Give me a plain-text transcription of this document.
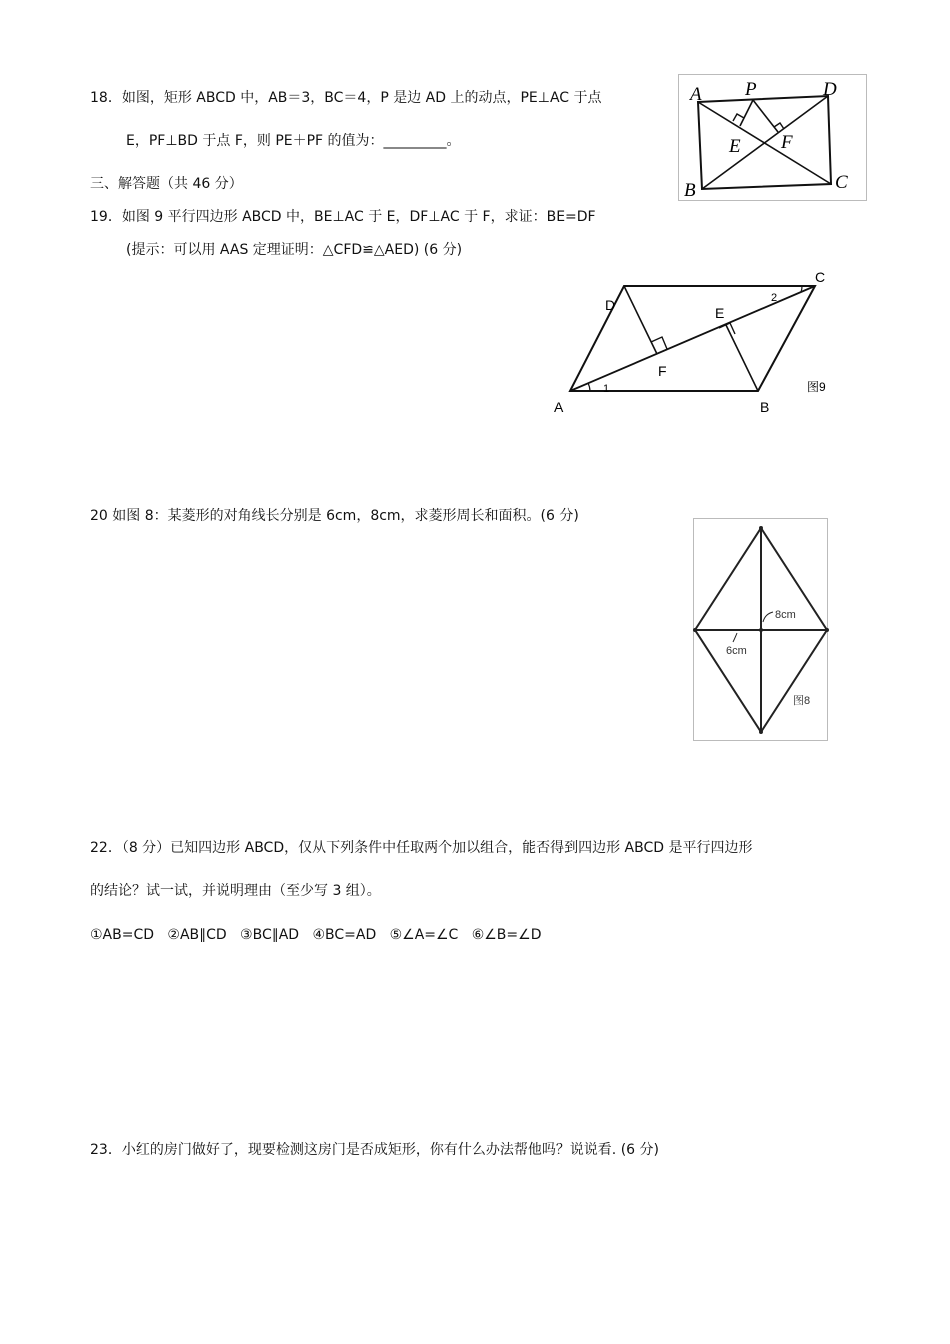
18．如图，矩形 ABCD 中，AB＝3，BC＝4，P 是边 AD 上的动点，PE⊥AC 于点
E，PF⊥BD 于点 F，则 PE＋PF 的值为：_________。
A P	D
E F
B	C
三、解答题（共 46 分）
19．如图 9 平行四边形 ABCD 中，BE⊥AC 于 E，DF⊥AC 于 F，求证：BE=DF
(提示：可以用 AAS 定理证明：△CFD≌△AED) (6 分)
D
C
E
F
A	B
1
2
图9
20 如图 8：某菱形的对角线长分别是 6cm，8cm，求菱形周长和面积。(6 分)
8cm
6cm
图8
22．（8 分）已知四边形 ABCD，仅从下列条件中任取两个加以组合，能否得到四边形 ABCD 是平行四边形
的结论？试一试，并说明理由（至少写 3 组）。
①AB=CD ②AB∥CD ③BC∥AD ④BC=AD ⑤∠A=∠C ⑥∠B=∠D
23．小红的房门做好了，现要检测这房门是否成矩形，你有什么办法帮他吗？说说看. (6 分)
